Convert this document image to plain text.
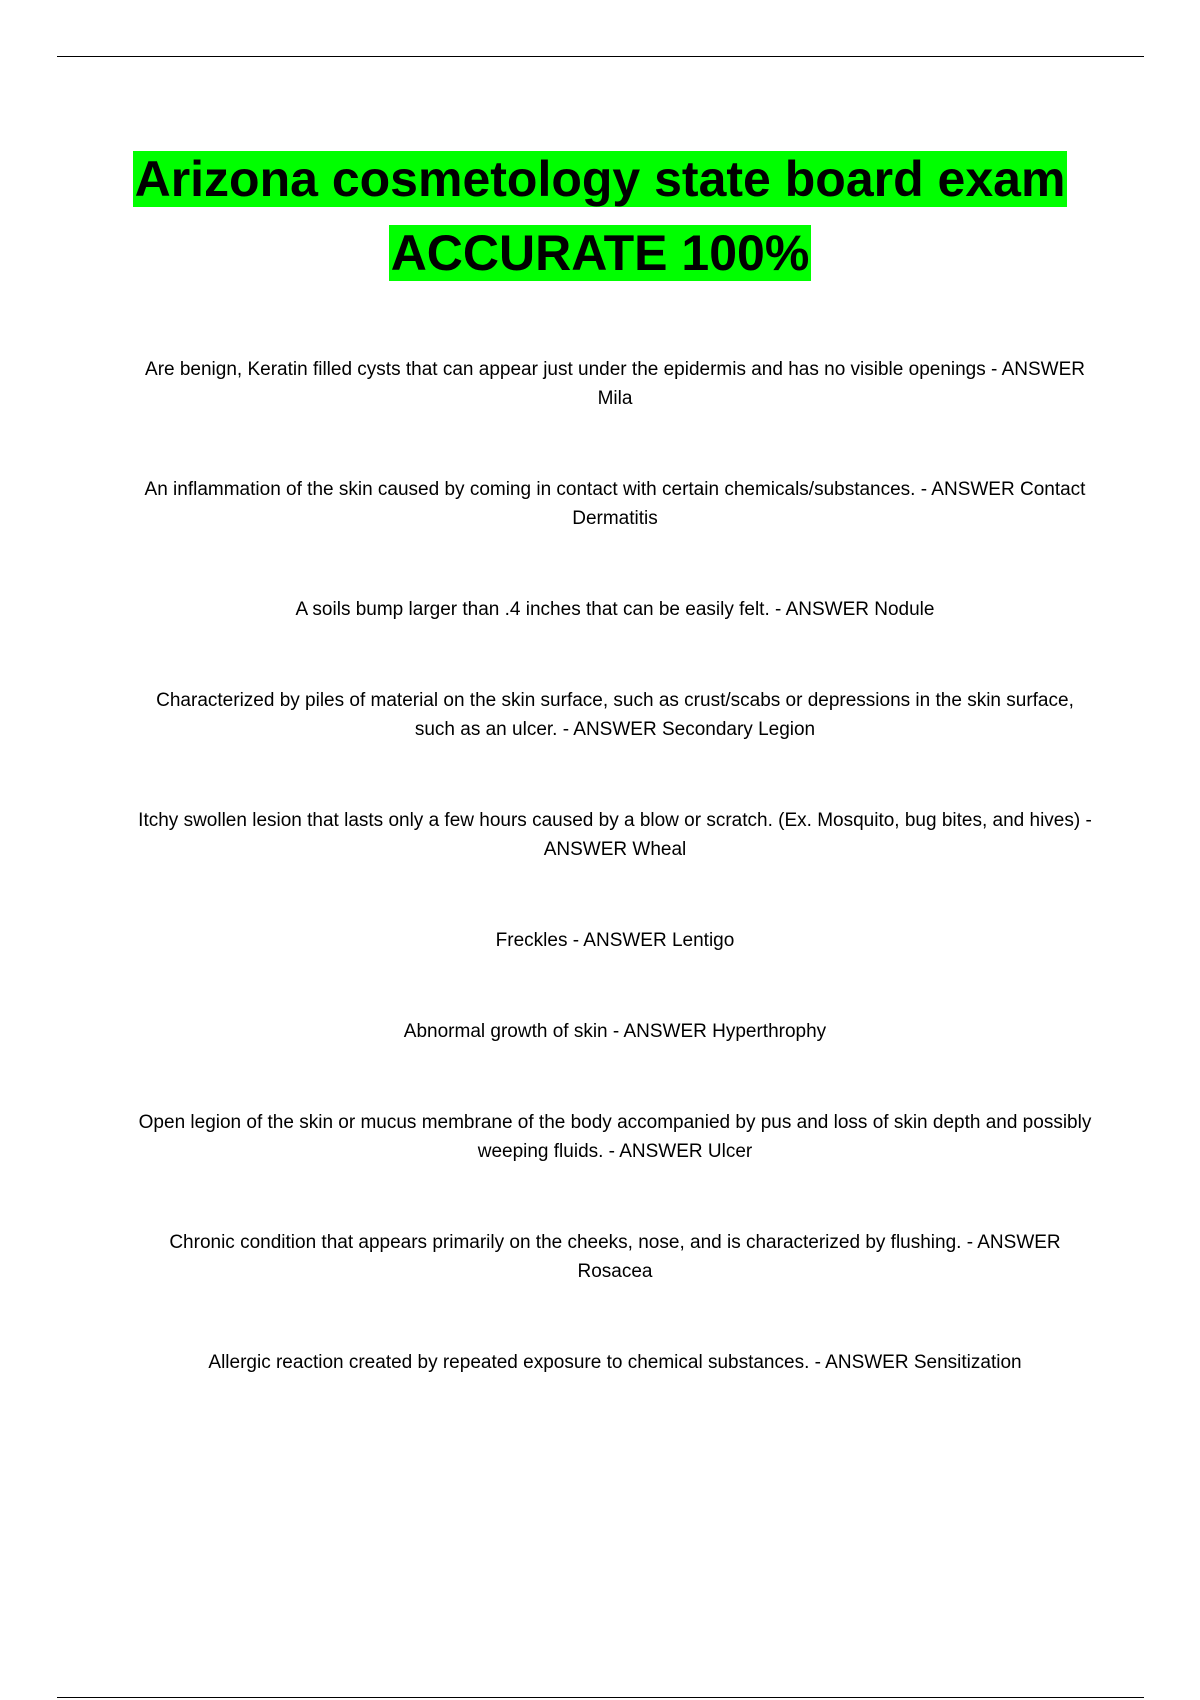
Arizona cosmetology state board exam
ACCURATE 100%

Are benign, Keratin filled cysts that can appear just under the epidermis and has no visible openings - ANSWER Mila

An inflammation of the skin caused by coming in contact with certain chemicals/substances. - ANSWER Contact Dermatitis

A soils bump larger than .4 inches that can be easily felt. - ANSWER Nodule

Characterized by piles of material on the skin surface, such as crust/scabs or depressions in the skin surface, such as an ulcer. - ANSWER Secondary Legion

Itchy swollen lesion that lasts only a few hours caused by a blow or scratch. (Ex. Mosquito, bug bites, and hives) - ANSWER Wheal

Freckles - ANSWER Lentigo

Abnormal growth of skin - ANSWER Hyperthrophy

Open legion of the skin or mucus membrane of the body accompanied by pus and loss of skin depth and possibly weeping fluids. - ANSWER Ulcer

Chronic condition that appears primarily on the cheeks, nose, and is characterized by flushing. - ANSWER Rosacea

Allergic reaction created by repeated exposure to chemical substances. - ANSWER Sensitization
